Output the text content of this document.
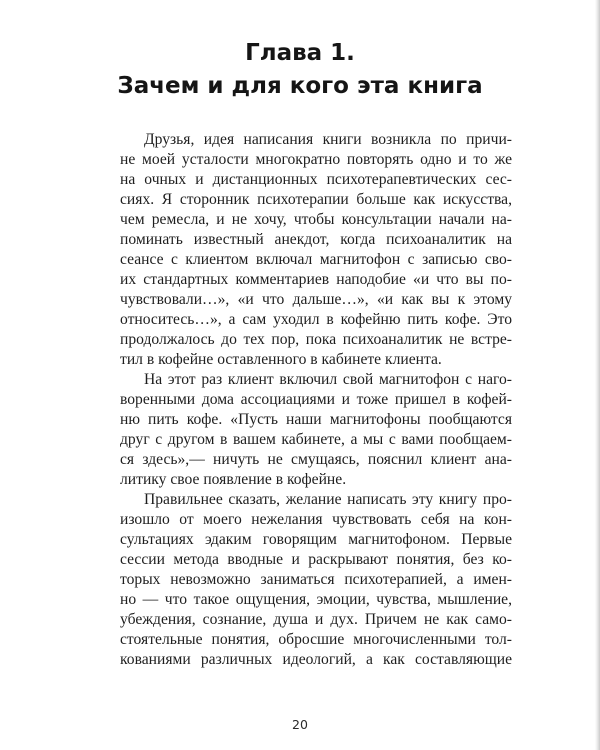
Глава 1.
Зачем и для кого эта книга
Друзья, идея написания книги возникла по причи-
не моей усталости многократно повторять одно и то же
на очных и дистанционных психотерапевтических сес-
сиях. Я сторонник психотерапии больше как искусства,
чем ремесла, и не хочу, чтобы консультации начали на-
поминать известный анекдот, когда психоаналитик на
сеансе с клиентом включал магнитофон с записью сво-
их стандартных комментариев наподобие «и что вы по-
чувствовали…», «и что дальше…», «и как вы к этому
относитесь…», а сам уходил в кофейню пить кофе. Это
продолжалось до тех пор, пока психоаналитик не встре-
тил в кофейне оставленного в кабинете клиента.
На этот раз клиент включил свой магнитофон с наго-
воренными дома ассоциациями и тоже пришел в кофей-
ню пить кофе. «Пусть наши магнитофоны пообщаются
друг с другом в вашем кабинете, а мы с вами пообщаем-
ся здесь»,— ничуть не смущаясь, пояснил клиент ана-
литику свое появление в кофейне.
Правильнее сказать, желание написать эту книгу про-
изошло от моего нежелания чувствовать себя на кон-
сультациях эдаким говорящим магнитофоном. Первые
сессии метода вводные и раскрывают понятия, без ко-
торых невозможно заниматься психотерапией, а имен-
но — что такое ощущения, эмоции, чувства, мышление,
убеждения, сознание, душа и дух. Причем не как само-
стоятельные понятия, обросшие многочисленными тол-
кованиями различных идеологий, а как составляющие
20
